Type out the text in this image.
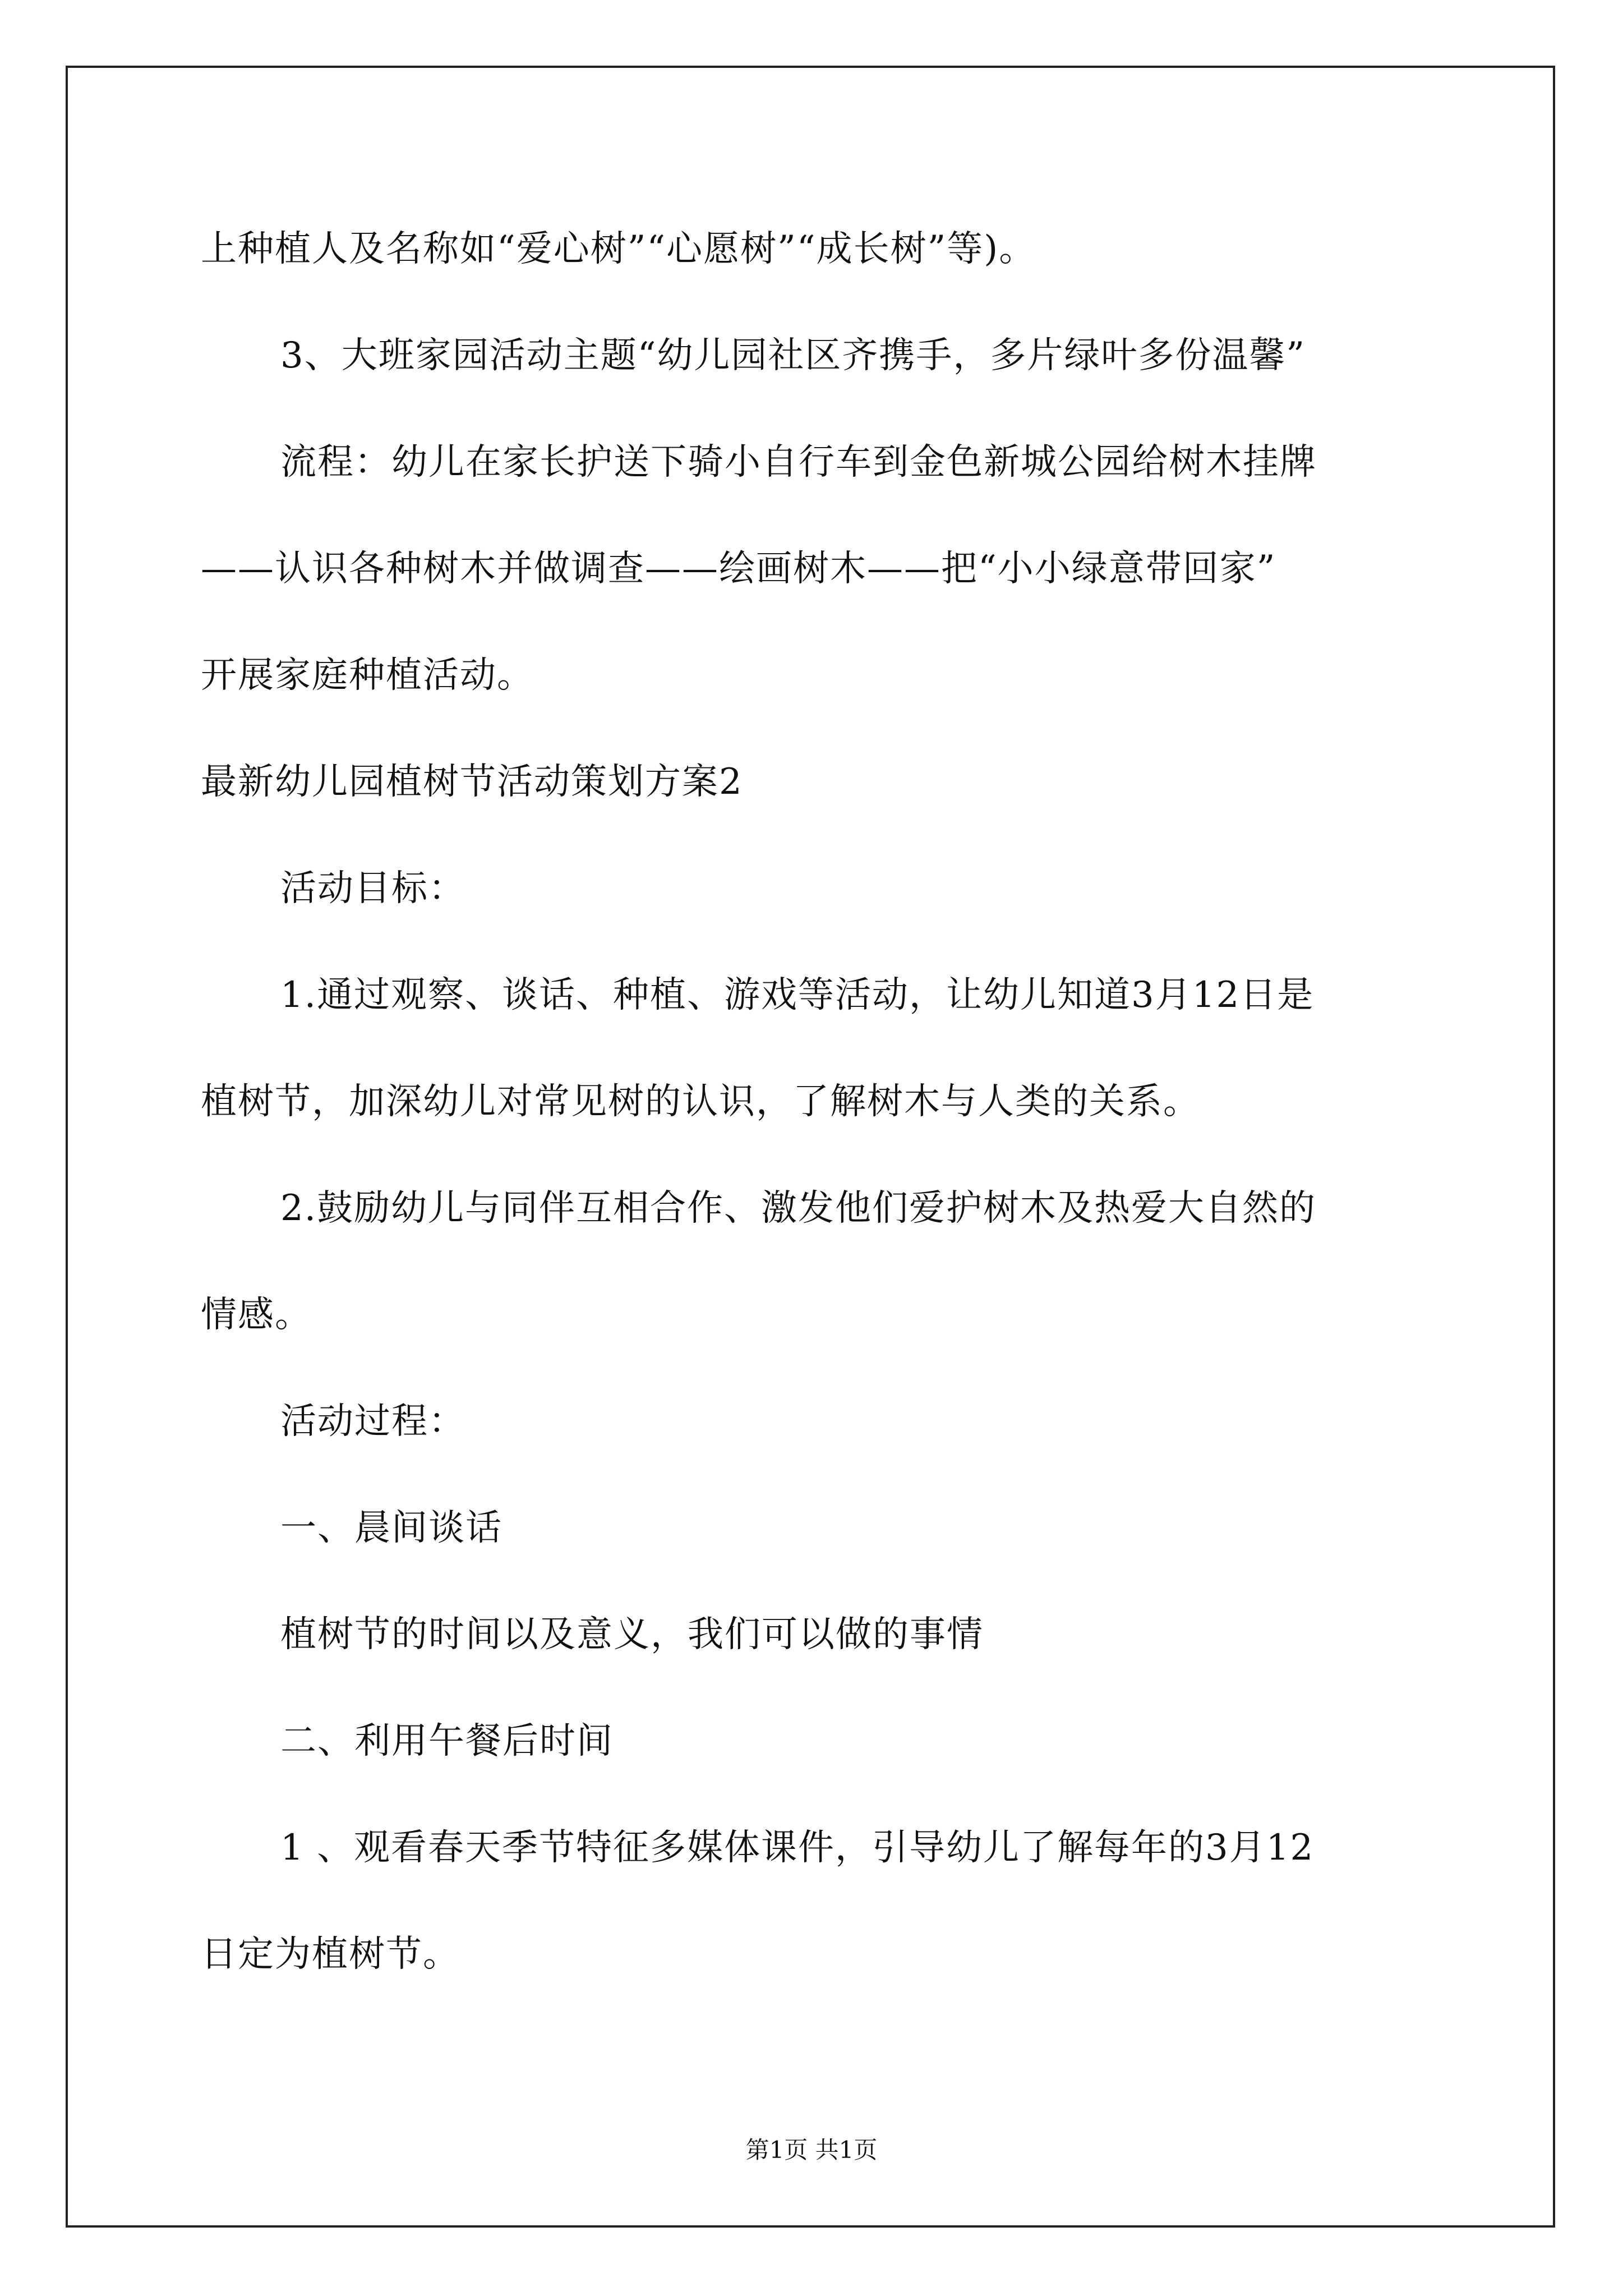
上种植人及名称如“爱心树”“心愿树”“成长树”等)。
3、大班家园活动主题“幼儿园社区齐携手，多片绿叶多份温馨”
流程：幼儿在家长护送下骑小自行车到金色新城公园给树木挂牌
——认识各种树木并做调查——绘画树木——把“小小绿意带回家”
开展家庭种植活动。
最新幼儿园植树节活动策划方案2
活动目标：
1.通过观察、谈话、种植、游戏等活动，让幼儿知道3月12日是
植树节，加深幼儿对常见树的认识，了解树木与人类的关系。
2.鼓励幼儿与同伴互相合作、激发他们爱护树木及热爱大自然的
情感。
活动过程：
一、晨间谈话
植树节的时间以及意义，我们可以做的事情
二、利用午餐后时间
1 、观看春天季节特征多媒体课件，引导幼儿了解每年的3月12
日定为植树节。
第1页 共1页
